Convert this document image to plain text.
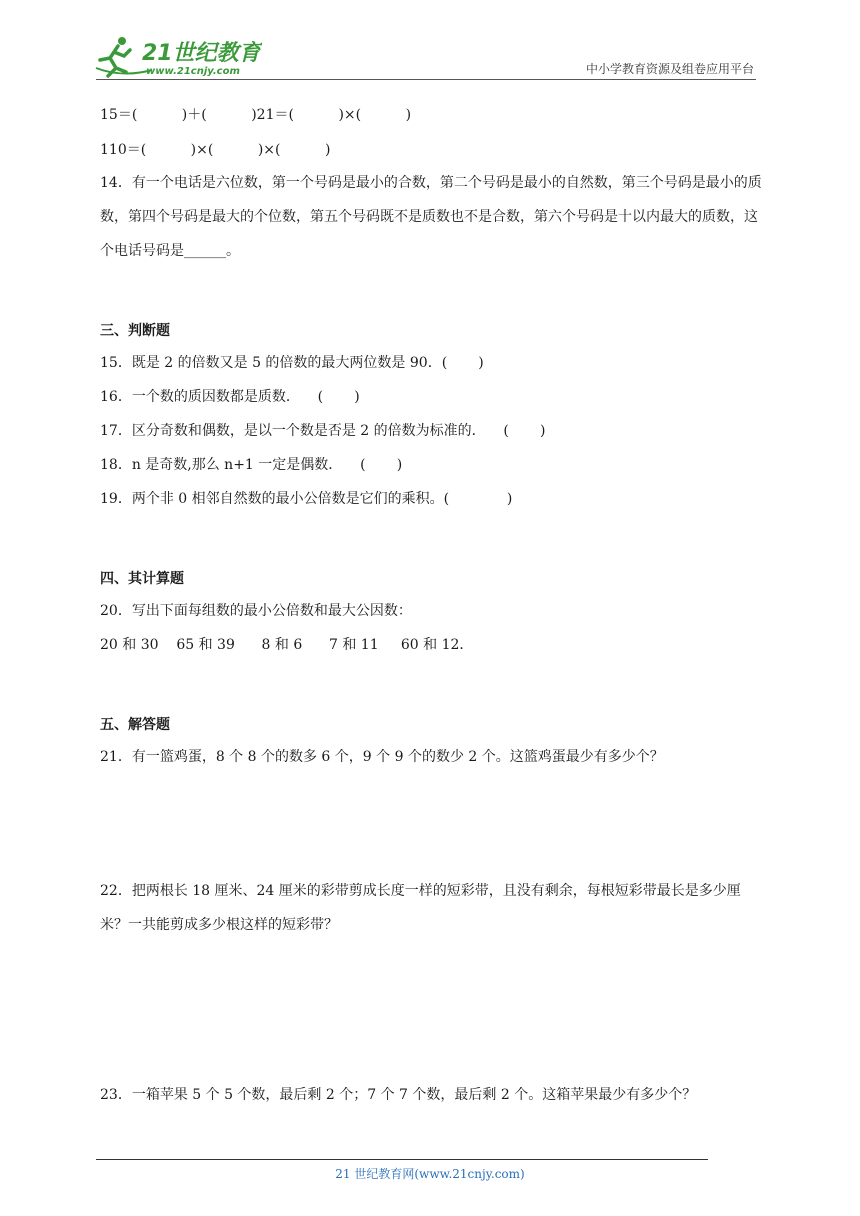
21世纪教育
www.21cnjy.com	中小学教育资源及组卷应用平台
15＝(          )＋(          )21＝(          )×(          )
110＝(          )×(          )×(          )
14．有一个电话是六位数，第一个号码是最小的合数，第二个号码是最小的自然数，第三个号码是最小的质数，第四个号码是最大的个位数，第五个号码既不是质数也不是合数，第六个号码是十以内最大的质数，这个电话号码是______。
三、判断题
15．既是 2 的倍数又是 5 的倍数的最大两位数是 90．(       )
16．一个数的质因数都是质数．    (       )
17．区分奇数和偶数，是以一个数是否是 2 的倍数为标准的．    (       )
18．n 是奇数,那么 n+1 一定是偶数．    (       )
19．两个非 0 相邻自然数的最小公倍数是它们的乘积。(             )
四、其计算题
20．写出下面每组数的最小公倍数和最大公因数：
20 和 30    65 和 39      8 和 6      7 和 11     60 和 12．
五、解答题
21．有一篮鸡蛋，8 个 8 个的数多 6 个，9 个 9 个的数少 2 个。这篮鸡蛋最少有多少个？
22．把两根长 18 厘米、24 厘米的彩带剪成长度一样的短彩带，且没有剩余，每根短彩带最长是多少厘米？一共能剪成多少根这样的短彩带？
23．一箱苹果 5 个 5 个数，最后剩 2 个；7 个 7 个数，最后剩 2 个。这箱苹果最少有多少个？
21 世纪教育网(www.21cnjy.com)
